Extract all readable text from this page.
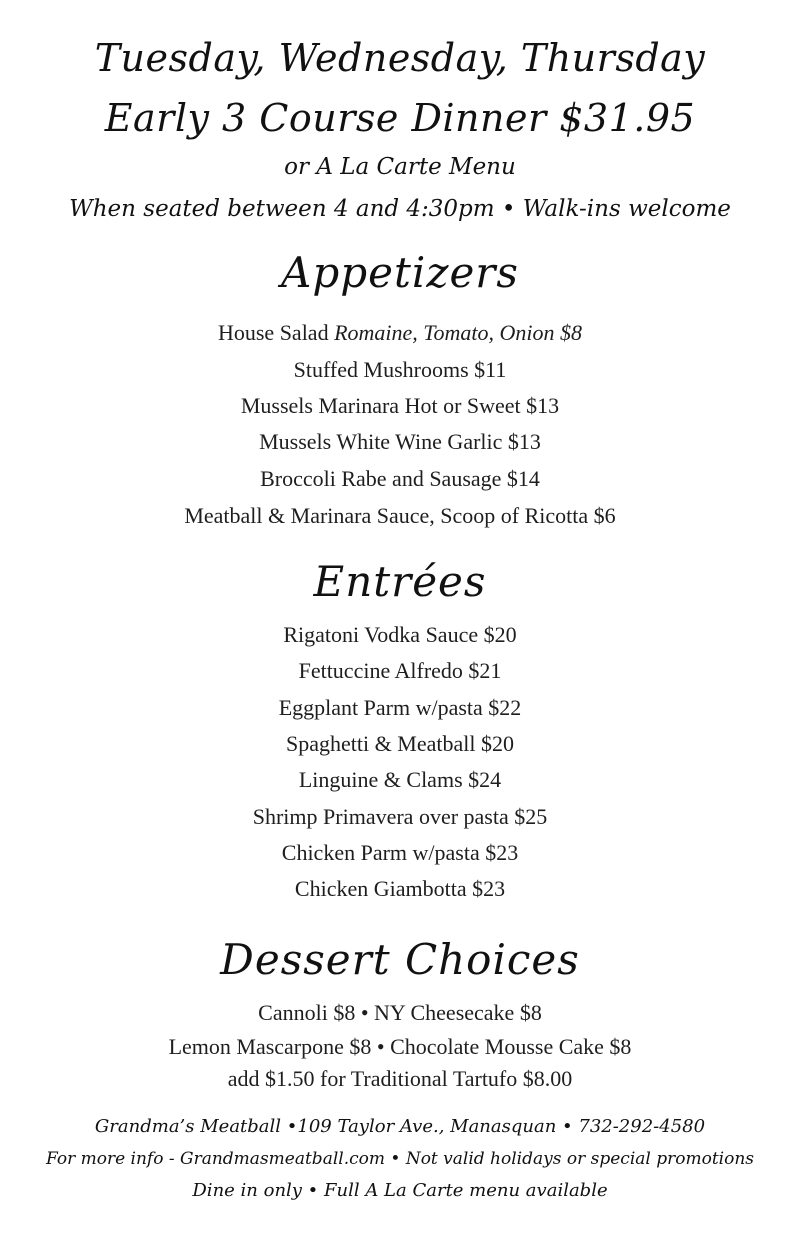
Tuesday, Wednesday, Thursday
Early 3 Course Dinner $31.95
or A La Carte Menu
When seated between 4 and 4:30pm • Walk-ins welcome
Appetizers
House Salad Romaine, Tomato, Onion $8
Stuffed Mushrooms $11
Mussels Marinara Hot or Sweet $13
Mussels White Wine Garlic $13
Broccoli Rabe and Sausage $14
Meatball & Marinara Sauce, Scoop of Ricotta $6
Entrées
Rigatoni Vodka Sauce $20
Fettuccine Alfredo $21
Eggplant Parm w/pasta $22
Spaghetti & Meatball $20
Linguine & Clams $24
Shrimp Primavera over pasta $25
Chicken Parm w/pasta $23
Chicken Giambotta $23
Dessert Choices
Cannoli $8 • NY Cheesecake $8
Lemon Mascarpone $8 • Chocolate Mousse Cake $8
add $1.50 for Traditional Tartufo $8.00
Grandma’s Meatball •109 Taylor Ave., Manasquan • 732-292-4580
For more info - Grandmasmeatball.com • Not valid holidays or special promotions
Dine in only • Full A La Carte menu available
